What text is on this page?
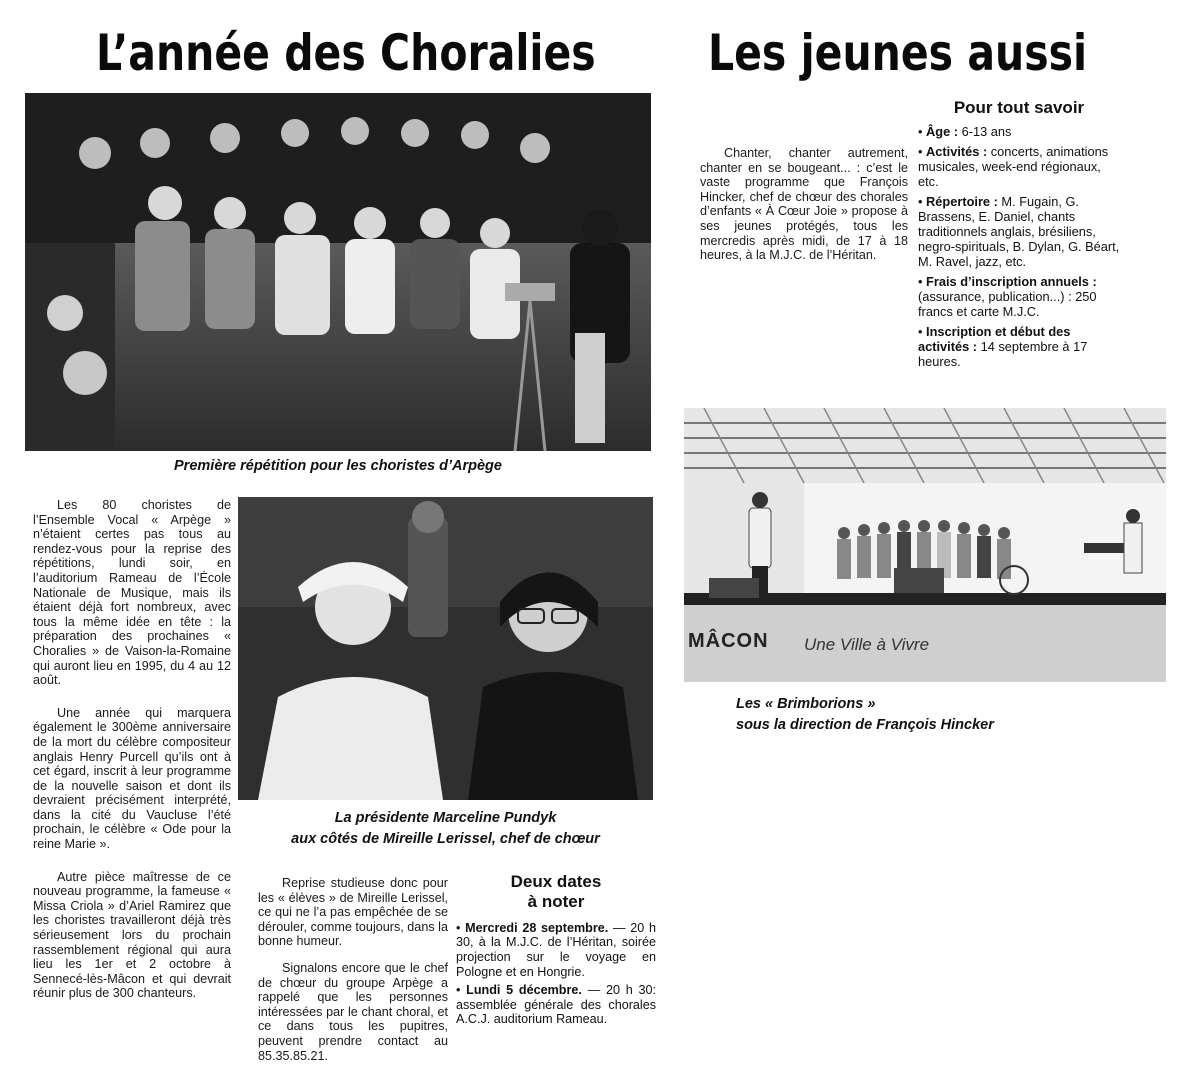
L’année des Choralies Les jeunes aussi
Première répétition pour les choristes d’Arpège

Les 80 choristes de l’Ensemble Vocal « Arpège » n’étaient certes pas tous au rendez-vous pour la reprise des répétitions, lundi soir, en l’auditorium Rameau de l’École Nationale de Musique, mais ils étaient déjà fort nombreux, avec tous la même idée en tête : la préparation des prochaines « Choralies » de Vaison-la-Romaine qui auront lieu en 1995, du 4 au 12 août.

Une année qui marquera également le 300ème anniversaire de la mort du célèbre compositeur anglais Henry Purcell qu’ils ont à cet égard, inscrit à leur programme de la nouvelle saison et dont ils devraient précisément interprété, dans la cité du Vaucluse l’été prochain, le célèbre « Ode pour la reine Marie ».

Autre pièce maîtresse de ce nouveau programme, la fameuse « Missa Criola » d’Ariel Ramirez que les choristes travailleront déjà très sérieusement lors du prochain rassemblement régional qui aura lieu les 1er et 2 octobre à Sennecé-lès-Mâcon et qui devrait réunir plus de 300 chanteurs.

La présidente Marceline Pundyk
aux côtés de Mireille Lerissel, chef de chœur

Reprise studieuse donc pour les « élèves » de Mireille Lerissel, ce qui ne l’a pas empêchée de se dérouler, comme toujours, dans la bonne humeur.

Signalons encore que le chef de chœur du groupe Arpège a rappelé que les personnes intéressées par le chant choral, et ce dans tous les pupitres, peuvent prendre contact au 85.35.85.21.

Deux dates
à noter
• Mercredi 28 septembre. — 20 h 30, à la M.J.C. de l’Héritan, soirée projection sur le voyage en Pologne et en Hongrie.
• Lundi 5 décembre. — 20 h 30: assemblée générale des chorales A.C.J. auditorium Rameau.
Chanter, chanter autrement, chanter en se bougeant... : c’est le vaste programme que François Hincker, chef de chœur des chorales d’enfants « À Cœur Joie » propose à ses jeunes protégés, tous les mercredis après midi, de 17 à 18 heures, à la M.J.C. de l’Héritan.
Pour tout savoir
• Âge : 6-13 ans
• Activités : concerts, animations musicales, week-end régionaux, etc.
• Répertoire : M. Fugain, G. Brassens, E. Daniel, chants traditionnels anglais, brésiliens, negro-spirituals, B. Dylan, G. Béart, M. Ravel, jazz, etc.
• Frais d’inscription annuels : (assurance, publication...) : 250 francs et carte M.J.C.
• Inscription et début des activités : 14 septembre à 17 heures.
MÂCON Une Ville à Vivre
Les « Brimborions »
sous la direction de François Hincker
